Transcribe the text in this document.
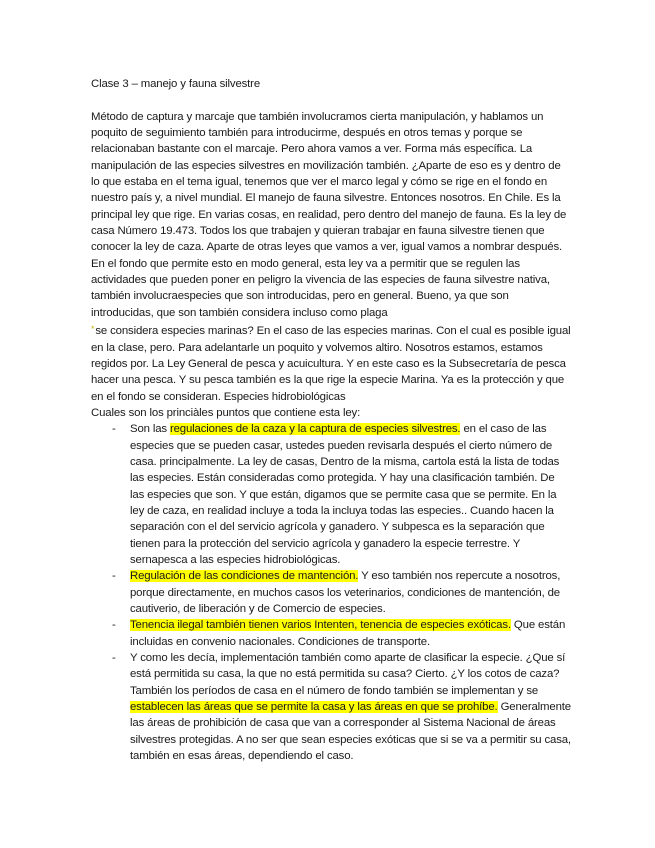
Clase 3 – manejo y fauna silvestre

Método de captura y marcaje que también involucramos cierta manipulación, y hablamos un poquito de seguimiento también para introducirme, después en otros temas y porque se relacionaban bastante con el marcaje. Pero ahora vamos a ver. Forma más específica. La manipulación de las especies silvestres en movilización también. ¿Aparte de eso es y dentro de lo que estaba en el tema igual, tenemos que ver el marco legal y cómo se rige en el fondo en nuestro país y, a nivel mundial. El manejo de fauna silvestre. Entonces nosotros. En Chile. Es la principal ley que rige. En varias cosas, en realidad, pero dentro del manejo de fauna. Es la ley de casa Número 19.473. Todos los que trabajen y quieran trabajar en fauna silvestre tienen que conocer la ley de caza. Aparte de otras leyes que vamos a ver, igual vamos a nombrar después.

En el fondo que permite esto en modo general, esta ley va a permitir que se regulen las actividades que pueden poner en peligro la vivencia de las especies de fauna silvestre nativa, también involucraespecies que son introducidas, pero en general. Bueno, ya que son introducidas, que son también considera incluso como plaga

*se considera especies marinas? En el caso de las especies marinas. Con el cual es posible igual en la clase, pero. Para adelantarle un poquito y volvemos altiro. Nosotros estamos, estamos regidos por. La Ley General de pesca y acuicultura. Y en este caso es la Subsecretaría de pesca hacer una pesca. Y su pesca también es la que rige la especie Marina. Ya es la protección y que en el fondo se consideran. Especies hidrobiológicas

Cuales son los princiàles puntos que contiene esta ley:

- Son las regulaciones de la caza y la captura de especies silvestres. en el caso de las especies que se pueden casar, ustedes pueden revisarla después el cierto número de casa. principalmente. La ley de casas, Dentro de la misma, cartola está la lista de todas las especies. Están consideradas como protegida. Y hay una clasificación también. De las especies que son. Y que están, digamos que se permite casa que se permite. En la ley de caza, en realidad incluye a toda la incluya todas las especies.. Cuando hacen la separación con el del servicio agrícola y ganadero. Y subpesca es la separación que tienen para la protección del servicio agrícola y ganadero la especie terrestre. Y sernapesca a las especies hidrobiológicas.
- Regulación de las condiciones de mantención. Y eso también nos repercute a nosotros, porque directamente, en muchos casos los veterinarios, condiciones de mantención, de cautiverio, de liberación y de Comercio de especies.
- Tenencia ilegal también tienen varios Intenten, tenencia de especies exóticas. Que están incluidas en convenio nacionales. Condiciones de transporte.
- Y como les decía, implementación también como aparte de clasificar la especie. ¿Que sí está permitida su casa, la que no está permitida su casa? Cierto. ¿Y los cotos de caza? También los períodos de casa en el número de fondo también se implementan y se establecen las áreas que se permite la casa y las áreas en que se prohíbe. Generalmente las áreas de prohibición de casa que van a corresponder al Sistema Nacional de áreas silvestres protegidas. A no ser que sean especies exóticas que si se va a permitir su casa, también en esas áreas, dependiendo el caso.
